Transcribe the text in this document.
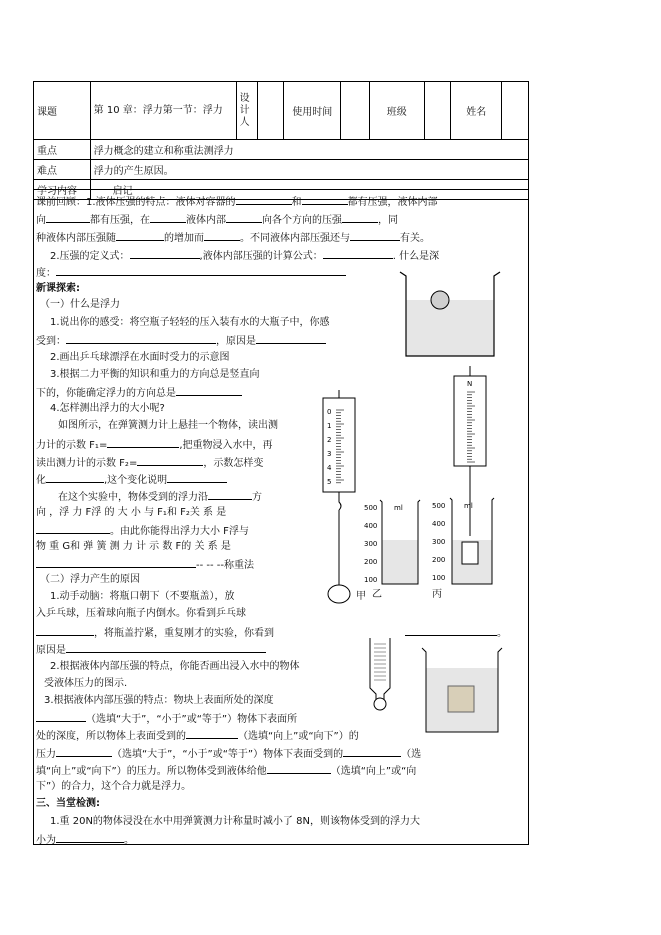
课题	第 10 章：浮力第一节：浮力	设计人		使用时间		班级		姓名	
重点	浮力概念的建立和称重法测浮力								
难点	浮力的产生原因。								
学习内容	启记								
课前回顾：1.液体压强的特点：液体对容器的	和	都有压强，液体内部
向	都有压强，在	液体内部	向各个方向的压强	，同
种液体内部压强随	的增加而	。不同液体内部压强还与	有关。
2.压强的定义式：	,液体内部压强的计算公式：	. 什么是深
度：
新课探索:
（一）什么是浮力
1.说出你的感受：将空瓶子轻轻的压入装有水的大瓶子中，你感
受到：	，原因是
2.画出乒乓球漂浮在水面时受力的示意图
3.根据二力平衡的知识和重力的方向总是竖直向
下的，你能确定浮力的方向总是
4.怎样测出浮力的大小呢?
如图所示，在弹簧测力计上悬挂一个物体，读出测
力计的示数 F₁=	,把重物浸入水中，再
读出测力计的示数 F₂=	，示数怎样变
化	,这个变化说明
在这个实验中，物体受到的浮力沿	方
向 ，浮 力 F浮 的 大 小 与 F₁和 F₂关 系 是
。由此你能得出浮力大小 F浮与
物 重 G和 弹 簧 测 力 计 示 数 F的 关 系 是
-- -- --称重法
（二）浮力产生的原因
1.动手动脑：将瓶口朝下（不要瓶盖），放
入乒乓球，压着球向瓶子内倒水。你看到乒乓球
，将瓶盖拧紧，重复刚才的实验，你看到	。
原因是
2.根据液体内部压强的特点，你能否画出浸入水中的物体
受液体压力的图示.
3.根据液体内部压强的特点：物块上表面所处的深度
（选填“大于”，“小于”或“等于”）物体下表面所
处的深度，所以物体上表面受到的	（选填“向上”或“向下”）的
压力	（选填“大于”，“小于”或“等于”）物体下表面受到的	（选
填“向上”或“向下”）的压力。所以物体受到液体给他	（选填“向上”或“向
下”）的合力，这个合力就是浮力。
三、当堂检测:
1.重 20N的物体浸没在水中用弹簧测力计称量时减小了 8N，则该物体受到的浮力大
小为	。
0
1
2
3
4
5
甲
500
400
300
200
100
ml
乙
N
500
400
300
200
100
ml
丙
